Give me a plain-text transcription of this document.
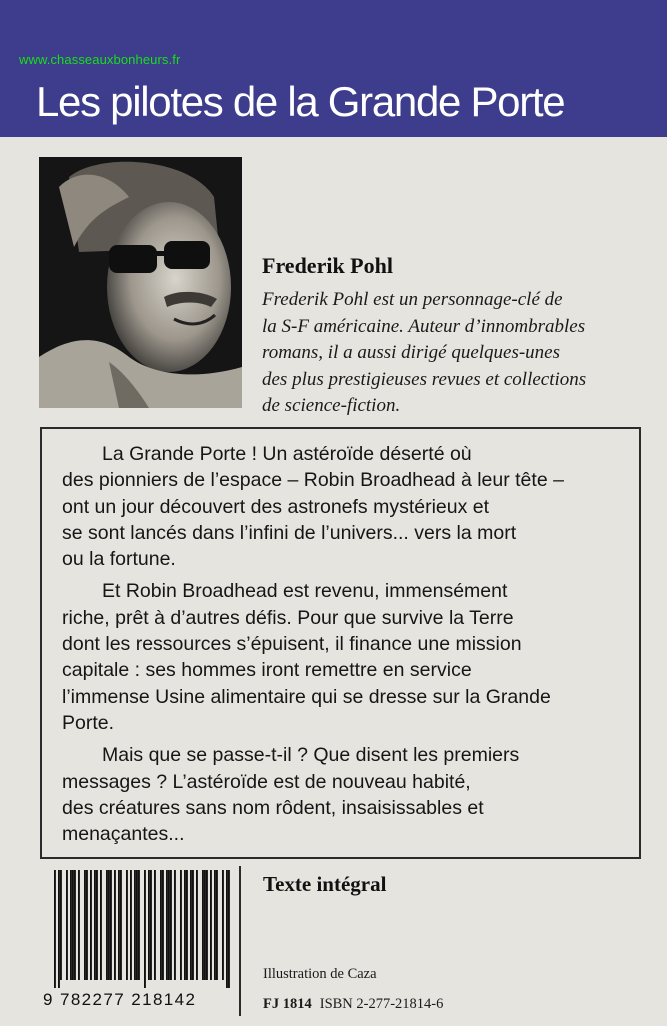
www.chasseauxbonheurs.fr
Les pilotes de la Grande Porte
Frederik Pohl
Frederik Pohl est un personnage-clé de
la S-F américaine. Auteur d’innombrables
romans, il a aussi dirigé quelques-unes
des plus prestigieuses revues et collections
de science-fiction.

La Grande Porte ! Un astéroïde déserté où
des pionniers de l’espace – Robin Broadhead à leur tête –
ont un jour découvert des astronefs mystérieux et
se sont lancés dans l’infini de l’univers... vers la mort
ou la fortune.

Et Robin Broadhead est revenu, immensément
riche, prêt à d’autres défis. Pour que survive la Terre
dont les ressources s’épuisent, il finance une mission
capitale : ses hommes iront remettre en service
l’immense Usine alimentaire qui se dresse sur la Grande
Porte.

Mais que se passe-t-il ? Que disent les premiers
messages ? L’astéroïde est de nouveau habité,
des créatures sans nom rôdent, insaisissables et
menaçantes...

9 782277 218142
Texte intégral
Illustration de Caza
FJ 1814 ISBN 2-277-21814-6
